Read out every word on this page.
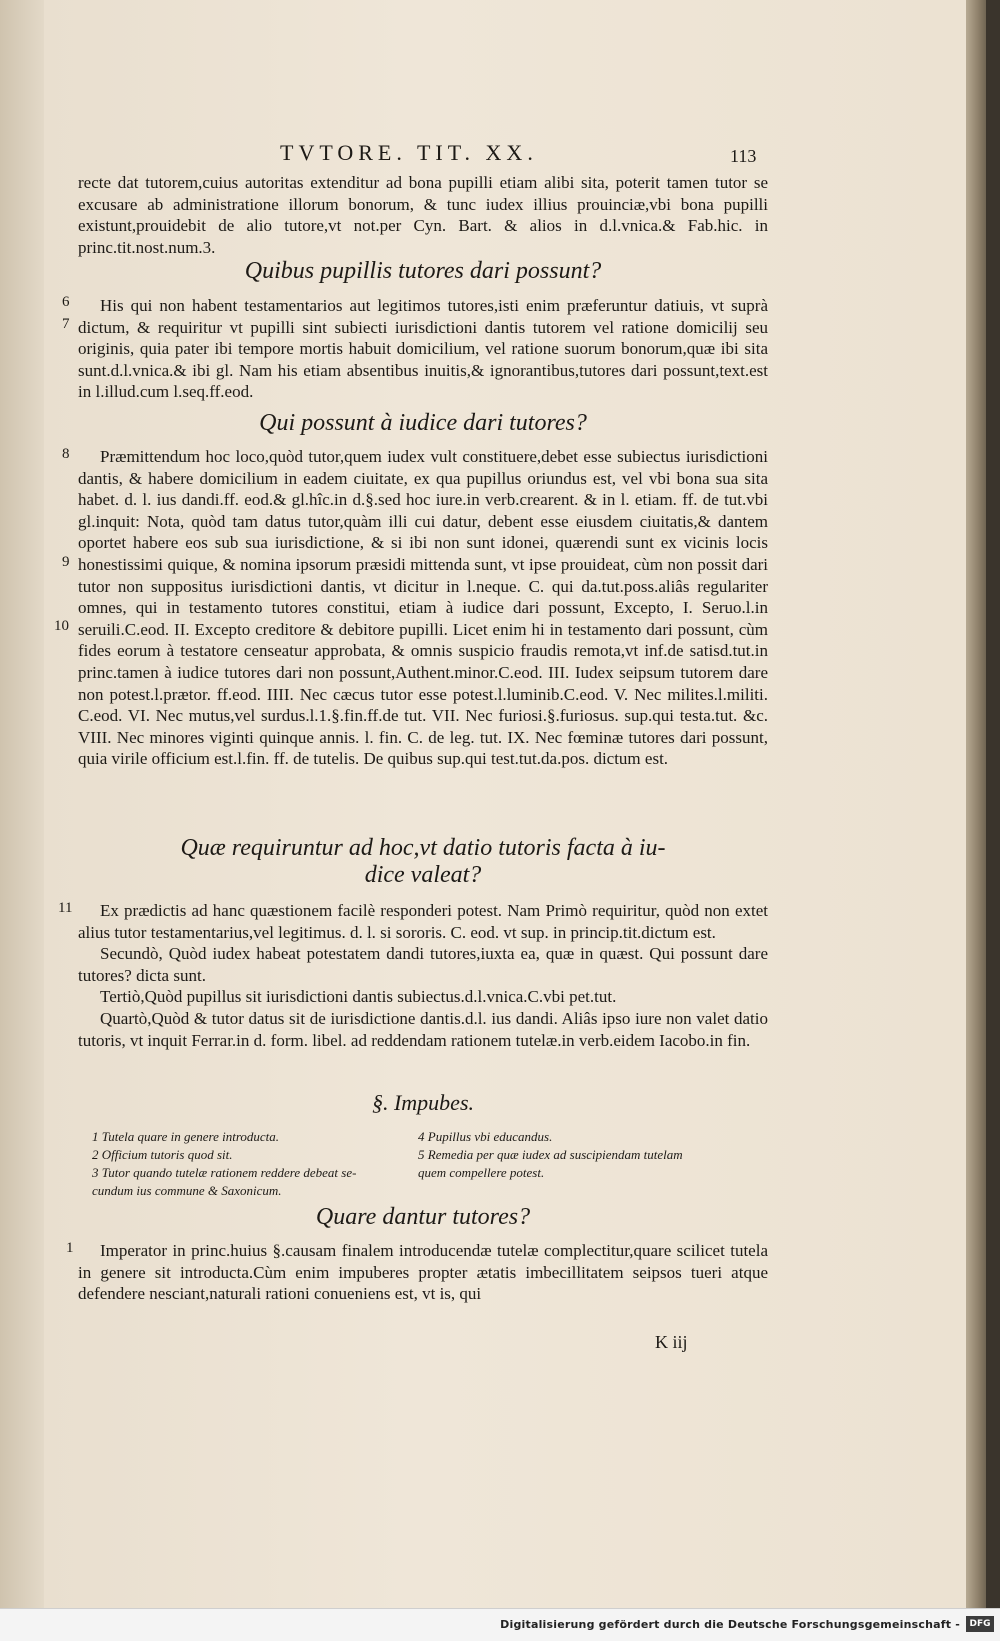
TVTORE. TIT. XX.	113

recte dat tutorem,cuius autoritas extenditur ad bona pupilli etiam alibi sita, poterit tamen tutor se excusare ab administratione illorum bonorum, & tunc iudex illius prouinciæ,vbi bona pupilli existunt,prouidebit de alio tutore,vt not.per Cyn. Bart. & alios in d.l.vnica.& Fab.hic. in princ.tit.nost.num.3.

Quibus pupillis tutores dari possunt?
6
7

His qui non habent testamentarios aut legitimos tutores,isti enim præferuntur datiuis, vt suprà dictum, & requiritur vt pupilli sint subiecti iurisdictioni dantis tutorem vel ratione domicilij seu originis, quia pater ibi tempore mortis habuit domicilium, vel ratione suorum bonorum,quæ ibi sita sunt.d.l.vnica.& ibi gl. Nam his etiam absentibus inuitis,& ignorantibus,tutores dari possunt,text.est in l.illud.cum l.seq.ff.eod.

Qui possunt à iudice dari tutores?
8
9
10

Præmittendum hoc loco,quòd tutor,quem iudex vult constituere,debet esse subiectus iurisdictioni dantis, & habere domicilium in eadem ciuitate, ex qua pupillus oriundus est, vel vbi bona sua sita habet. d. l. ius dandi.ff. eod.& gl.hîc.in d.§.sed hoc iure.in verb.crearent. & in l. etiam. ff. de tut.vbi gl.inquit: Nota, quòd tam datus tutor,quàm illi cui datur, debent esse eiusdem ciuitatis,& dantem oportet habere eos sub sua iurisdictione, & si ibi non sunt idonei, quærendi sunt ex vicinis locis honestissimi quique, & nomina ipsorum præsidi mittenda sunt, vt ipse prouideat, cùm non possit dari tutor non suppositus iurisdictioni dantis, vt dicitur in l.neque. C. qui da.tut.poss.aliâs regulariter omnes, qui in testamento tutores constitui, etiam à iudice dari possunt, Excepto, I. Seruo.l.in seruili.C.eod. II. Excepto creditore & debitore pupilli. Licet enim hi in testamento dari possunt, cùm fides eorum à testatore censeatur approbata, & omnis suspicio fraudis remota,vt inf.de satisd.tut.in princ.tamen à iudice tutores dari non possunt,Authent.minor.C.eod. III. Iudex seipsum tutorem dare non potest.l.prætor. ff.eod. IIII. Nec cæcus tutor esse potest.l.luminib.C.eod. V. Nec milites.l.militi. C.eod. VI. Nec mutus,vel surdus.l.1.§.fin.ff.de tut. VII. Nec furiosi.§.furiosus. sup.qui testa.tut. &c. VIII. Nec minores viginti quinque annis. l. fin. C. de leg. tut. IX. Nec fœminæ tutores dari possunt, quia virile officium est.l.fin. ff. de tutelis. De quibus sup.qui test.tut.da.pos. dictum est.

Quæ requiruntur ad hoc,vt datio tutoris facta à iu-
dice valeat?
11	Ex prædictis ad hanc quæstionem facilè responderi potest. Nam Primò requiritur, quòd non extet alius tutor testamentarius,vel legitimus. d. l. si sororis. C. eod. vt sup. in princip.tit.dictum est.

Secundò, Quòd iudex habeat potestatem dandi tutores,iuxta ea, quæ in quæst. Qui possunt dare tutores? dicta sunt.

Tertiò,Quòd pupillus sit iurisdictioni dantis subiectus.d.l.vnica.C.vbi pet.tut.

Quartò,Quòd & tutor datus sit de iurisdictione dantis.d.l. ius dandi. Aliâs ipso iure non valet datio tutoris, vt inquit Ferrar.in d. form. libel. ad reddendam rationem tutelæ.in verb.eidem Iacobo.in fin.

§. Impubes.
1 Tutela quare in genere introducta.
2 Officium tutoris quod sit.
3 Tutor quando tutelæ rationem reddere debeat se-
cundum ius commune & Saxonicum.
4 Pupillus vbi educandus.
5 Remedia per quæ iudex ad suscipiendam tutelam
quem compellere potest.
Quare dantur tutores?
1	Imperator in princ.huius §.causam finalem introducendæ tutelæ complectitur,quare scilicet tutela in genere sit introducta.Cùm enim impuberes propter ætatis imbecillitatem seipsos tueri atque defendere nesciant,naturali rationi conueniens est, vt is, qui

K iij
Digitalisierung gefördert durch die Deutsche Forschungsgemeinschaft -	DFG
